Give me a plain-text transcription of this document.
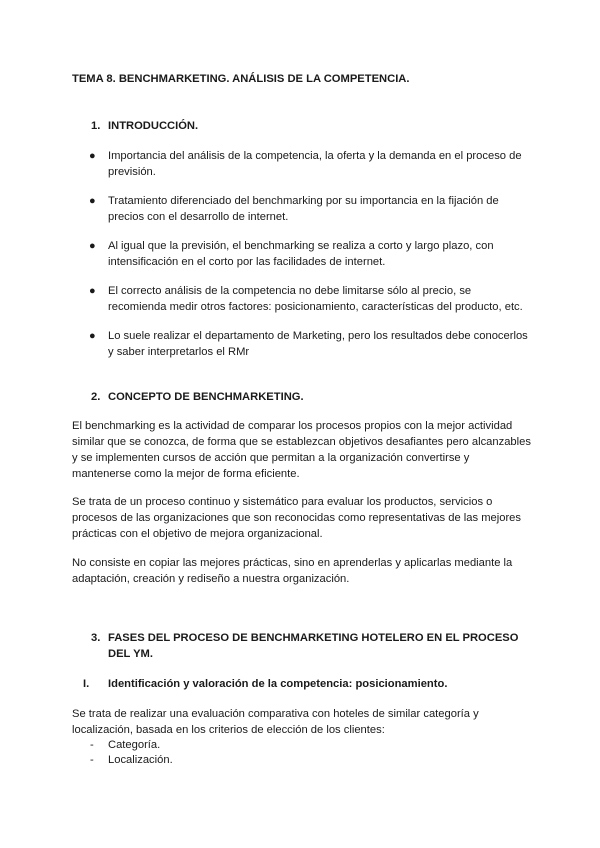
TEMA 8. BENCHMARKETING. ANÁLISIS DE LA COMPETENCIA.
1. INTRODUCCIÓN.
● Importancia del análisis de la competencia, la oferta y la demanda en el proceso de
previsión.
● Tratamiento diferenciado del benchmarking por su importancia en la fijación de
precios con el desarrollo de internet.
● Al igual que la previsión, el benchmarking se realiza a corto y largo plazo, con
intensificación en el corto por las facilidades de internet.
● El correcto análisis de la competencia no debe limitarse sólo al precio, se
recomienda medir otros factores: posicionamiento, características del producto, etc.
● Lo suele realizar el departamento de Marketing, pero los resultados debe conocerlos
y saber interpretarlos el RMr
2. CONCEPTO DE BENCHMARKETING.
El benchmarking es la actividad de comparar los procesos propios con la mejor actividad
similar que se conozca, de forma que se establezcan objetivos desafiantes pero alcanzables
y se implementen cursos de acción que permitan a la organización convertirse y
mantenerse como la mejor de forma eficiente.
Se trata de un proceso continuo y sistemático para evaluar los productos, servicios o
procesos de las organizaciones que son reconocidas como representativas de las mejores
prácticas con el objetivo de mejora organizacional.
No consiste en copiar las mejores prácticas, sino en aprenderlas y aplicarlas mediante la
adaptación, creación y rediseño a nuestra organización.
3. FASES DEL PROCESO DE BENCHMARKETING HOTELERO EN EL PROCESO
DEL YM.
I. Identificación y valoración de la competencia: posicionamiento.
Se trata de realizar una evaluación comparativa con hoteles de similar categoría y
localización, basada en los criterios de elección de los clientes:
- Categoría.
- Localización.
